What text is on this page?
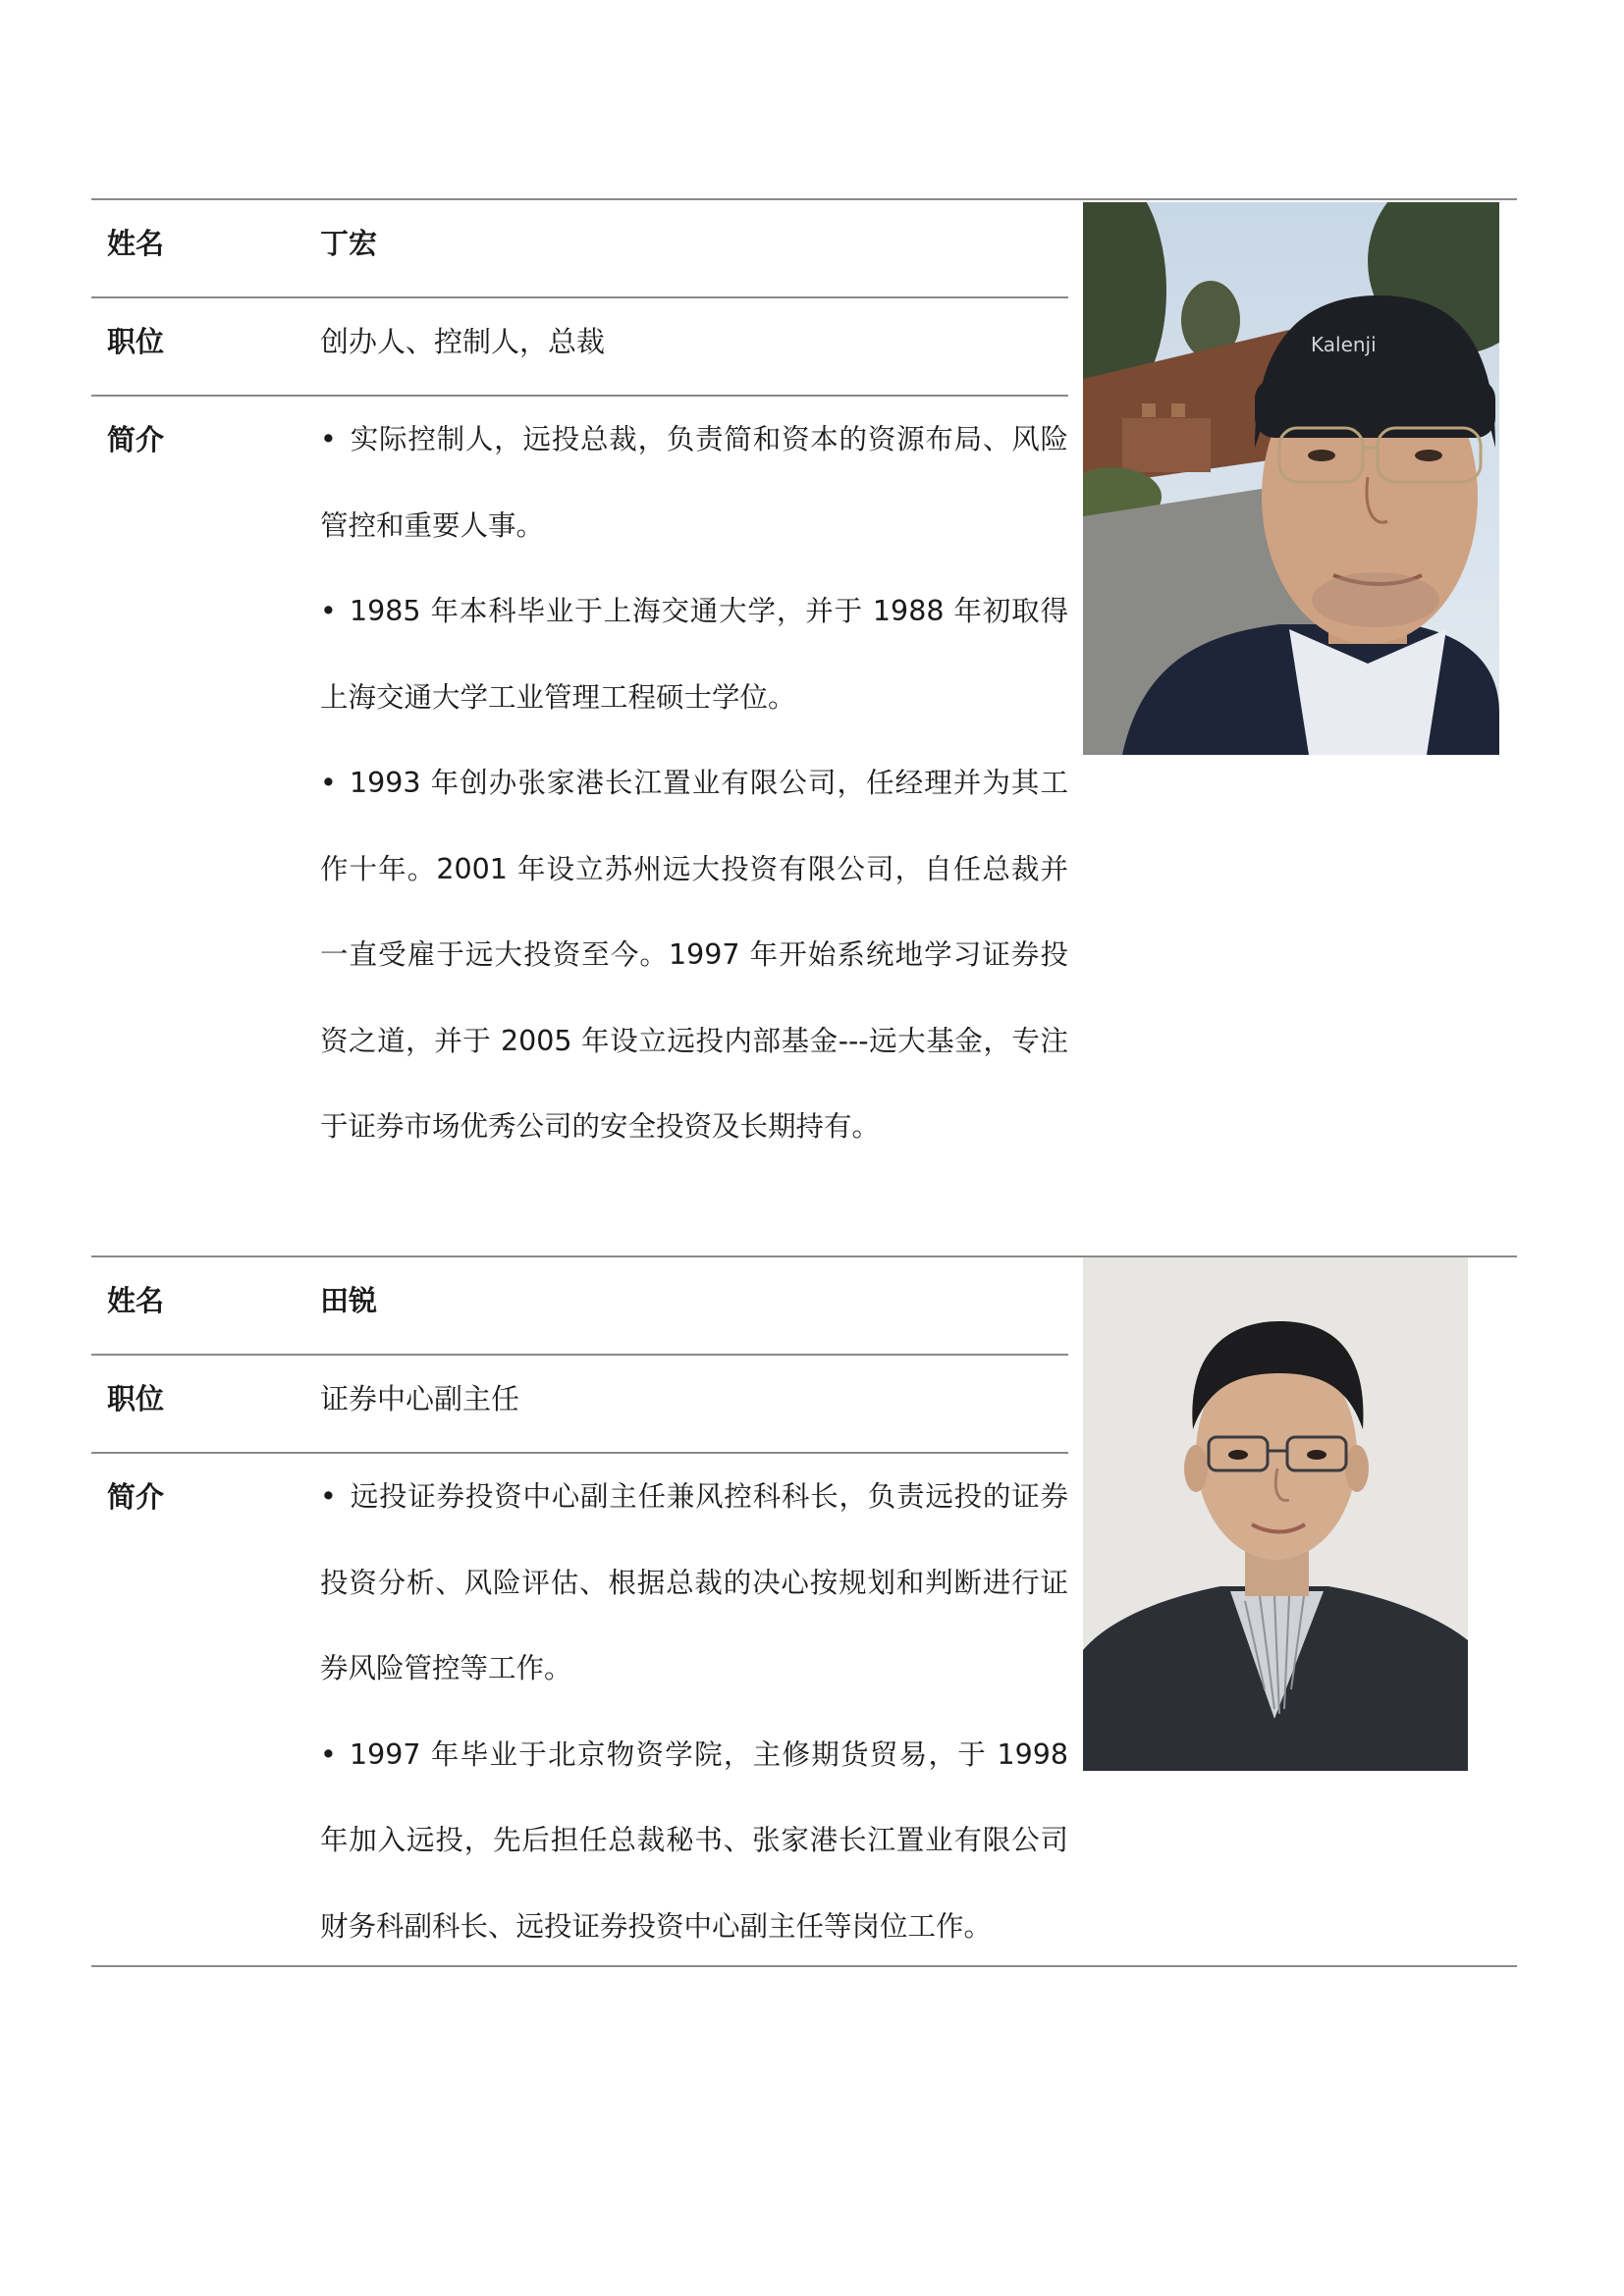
姓名	丁宏
职位	创办人、控制人，总裁
简介	• 实际控制人，远投总裁，负责简和资本的资源布局、风险管控和重要人事。

• 1985 年本科毕业于上海交通大学，并于 1988 年初取得上海交通大学工业管理工程硕士学位。

• 1993 年创办张家港长江置业有限公司，任经理并为其工作十年。2001 年设立苏州远大投资有限公司，自任总裁并一直受雇于远大投资至今。1997 年开始系统地学习证券投资之道，并于 2005 年设立远投内部基金---远大基金，专注于证券市场优秀公司的安全投资及长期持有。

Kalenji
姓名	田锐
职位	证券中心副主任
简介	• 远投证券投资中心副主任兼风控科科长，负责远投的证券投资分析、风险评估、根据总裁的决心按规划和判断进行证券风险管控等工作。

• 1997 年毕业于北京物资学院，主修期货贸易，于 1998 年加入远投，先后担任总裁秘书、张家港长江置业有限公司财务科副科长、远投证券投资中心副主任等岗位工作。
